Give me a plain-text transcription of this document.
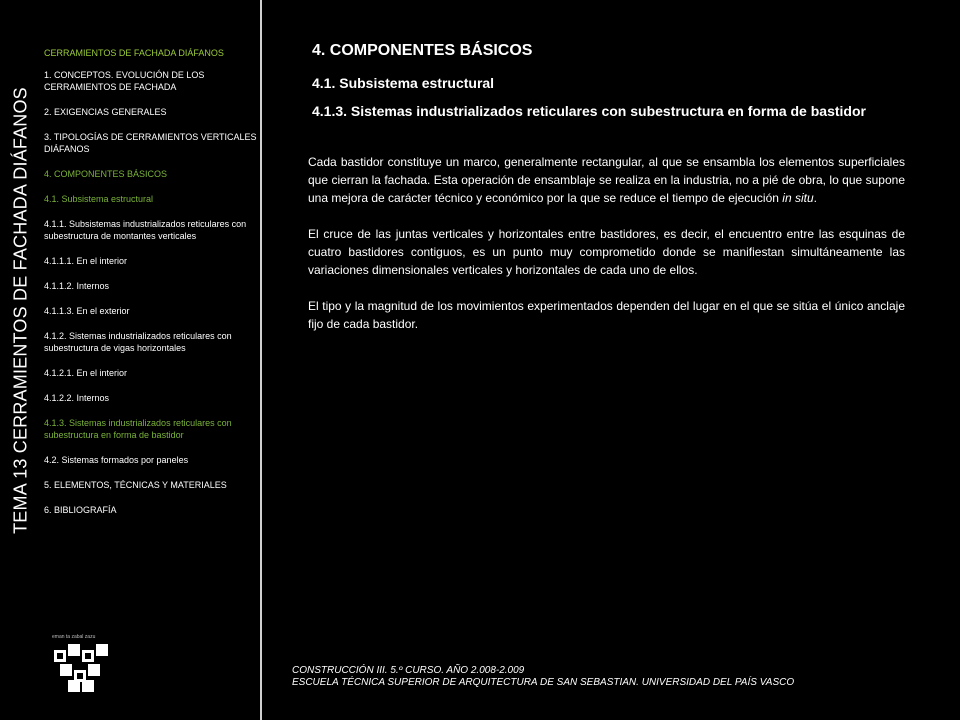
TEMA 13 CERRAMIENTOS DE FACHADA DIÁFANOS
CERRAMIENTOS DE FACHADA DIÁFANOS
1. CONCEPTOS. EVOLUCIÓN DE LOS CERRAMIENTOS DE FACHADA
2. EXIGENCIAS GENERALES
3. TIPOLOGÍAS DE CERRAMIENTOS VERTICALES DIÁFANOS
4. COMPONENTES BÁSICOS
4.1. Subsistema estructural
4.1.1. Subsistemas industrializados reticulares con subestructura de montantes verticales
4.1.1.1. En el interior
4.1.1.2. Internos
4.1.1.3. En el exterior
4.1.2. Sistemas industrializados reticulares con subestructura de vigas horizontales
4.1.2.1. En el interior
4.1.2.2. Internos
4.1.3. Sistemas industrializados reticulares con subestructura en forma de bastidor
4.2. Sistemas formados por paneles
5. ELEMENTOS, TÉCNICAS Y MATERIALES
6. BIBLIOGRAFÍA
eman ta zabal zazu
4. COMPONENTES BÁSICOS
4.1. Subsistema estructural
4.1.3. Sistemas industrializados reticulares con subestructura en forma de bastidor

Cada bastidor constituye un marco, generalmente rectangular, al que se ensambla los elementos superficiales que cierran la fachada. Esta operación de ensamblaje se realiza en la industria, no a pié de obra, lo que supone una mejora de carácter técnico y económico por la que se reduce el tiempo de ejecución in situ.

El cruce de las juntas verticales y horizontales entre bastidores, es decir, el encuentro entre las esquinas de cuatro bastidores contiguos, es un punto muy comprometido donde se manifiestan simultáneamente las variaciones dimensionales verticales y horizontales de cada uno de ellos.

El tipo y la magnitud de los movimientos experimentados dependen del lugar en el que se sitúa el único anclaje fijo de cada bastidor.

CONSTRUCCIÓN III. 5.º CURSO. AÑO 2.008-2.009
ESCUELA TÉCNICA SUPERIOR DE ARQUITECTURA DE SAN SEBASTIAN. UNIVERSIDAD DEL PAÍS VASCO
